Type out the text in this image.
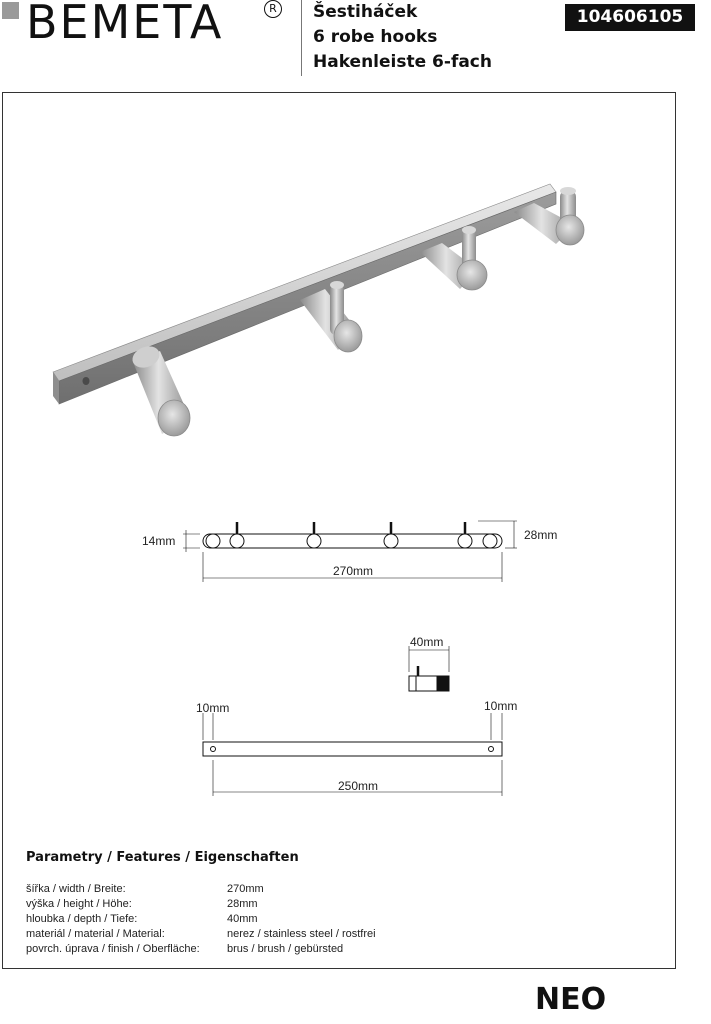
BEMETA	R	Šestiháček
6 robe hooks
Hakenleiste 6-fach
104606105
14mm	28mm
270mm
40mm
10mm	10mm
250mm
Parametry / Features / Eigenschaften
šířka / width / Breite:	270mm
výška / height / Höhe:	28mm
hloubka / depth / Tiefe:	40mm
materiál / material / Material:	nerez / stainless steel / rostfrei
povrch. úprava / finish / Oberfläche:	brus / brush / gebürsted
NEO
